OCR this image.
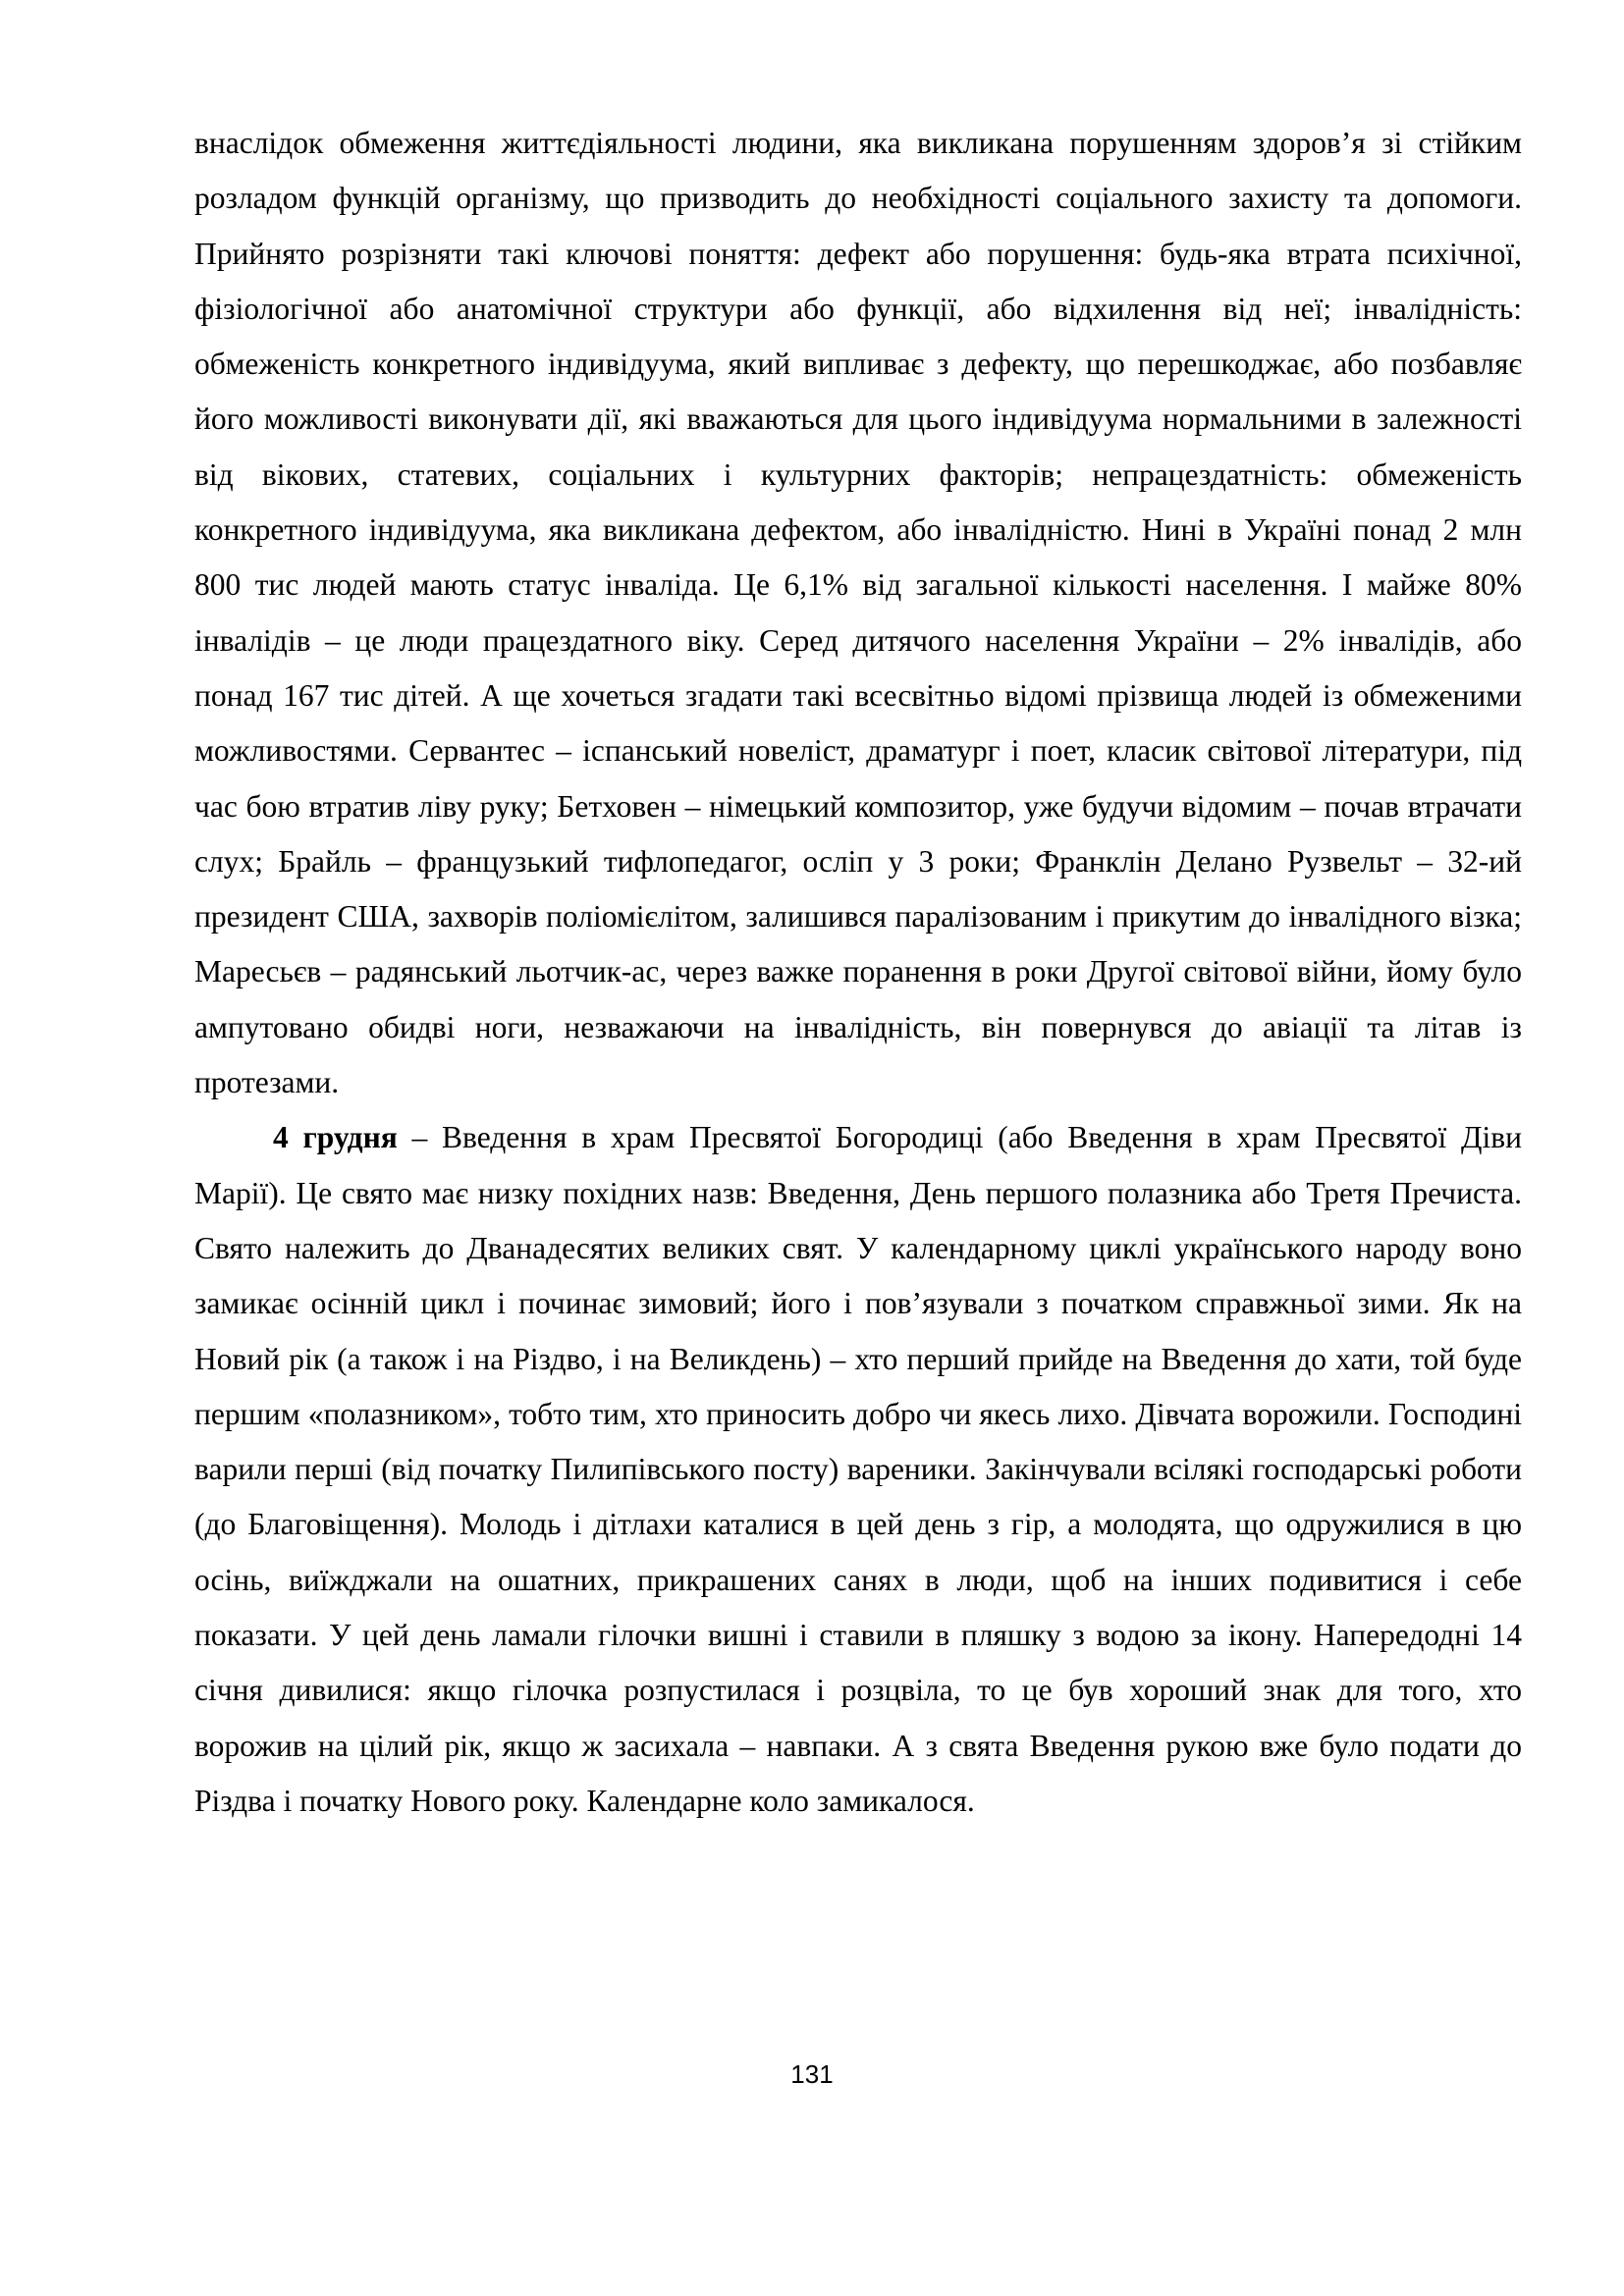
внаслідок обмеження життєдіяльності людини, яка викликана порушенням здоров’я зі стійким розладом функцій організму, що призводить до необхідності соціального захисту та допомоги. Прийнято розрізняти такі ключові поняття: дефект або порушення: будь-яка втрата психічної, фізіологічної або анатомічної структури або функції, або відхилення від неї; інвалідність: обмеженість конкретного індивідуума, який випливає з дефекту, що перешкоджає, або позбавляє його можливості виконувати дії, які вважаються для цього індивідуума нормальними в залежності від вікових, статевих, соціальних і культурних факторів; непрацездатність: обмеженість конкретного індивідуума, яка викликана дефектом, або інвалідністю. Нині в Україні понад 2 млн 800 тис людей мають статус інваліда. Це 6,1% від загальної кількості населення. І майже 80% інвалідів – це люди працездатного віку. Серед дитячого населення України – 2% інвалідів, або понад 167 тис дітей. А ще хочеться згадати такі всесвітньо відомі прізвища людей із обмеженими можливостями. Сервантес – іспанський новеліст, драматург і поет, класик світової літератури, під час бою втратив ліву руку; Бетховен – німецький композитор, уже будучи відомим – почав втрачати слух; Брайль – французький тифлопедагог, осліп у 3 роки; Франклін Делано Рузвельт – 32-ий президент США, захворів поліомієлітом, залишився паралізованим і прикутим до інвалідного візка; Маресьєв – радянський льотчик-ас, через важке поранення в роки Другої світової війни, йому було ампутовано обидві ноги, незважаючи на інвалідність, він повернувся до авіації та літав із протезами.

4 грудня – Введення в храм Пресвятої Богородиці (або Введення в храм Пресвятої Діви Марії). Це свято має низку похідних назв: Введення, День першого полазника або Третя Пречиста. Свято належить до Дванадесятих великих свят. У календарному циклі українського народу воно замикає осінній цикл і починає зимовий; його і пов’язували з початком справжньої зими. Як на Новий рік (а також і на Різдво, і на Великдень) – хто перший прийде на Введення до хати, той буде першим «полазником», тобто тим, хто приносить добро чи якесь лихо. Дівчата ворожили. Господині варили перші (від початку Пилипівського посту) вареники. Закінчували всілякі господарські роботи (до Благовіщення). Молодь і дітлахи каталися в цей день з гір, а молодята, що одружилися в цю осінь, виїжджали на ошатних, прикрашених санях в люди, щоб на інших подивитися і себе показати. У цей день ламали гілочки вишні і ставили в пляшку з водою за ікону. Напередодні 14 січня дивилися: якщо гілочка розпустилася і розцвіла, то це був хороший знак для того, хто ворожив на цілий рік, якщо ж засихала – навпаки. А з свята Введення рукою вже було подати до Різдва і початку Нового року. Календарне коло замикалося.

131
